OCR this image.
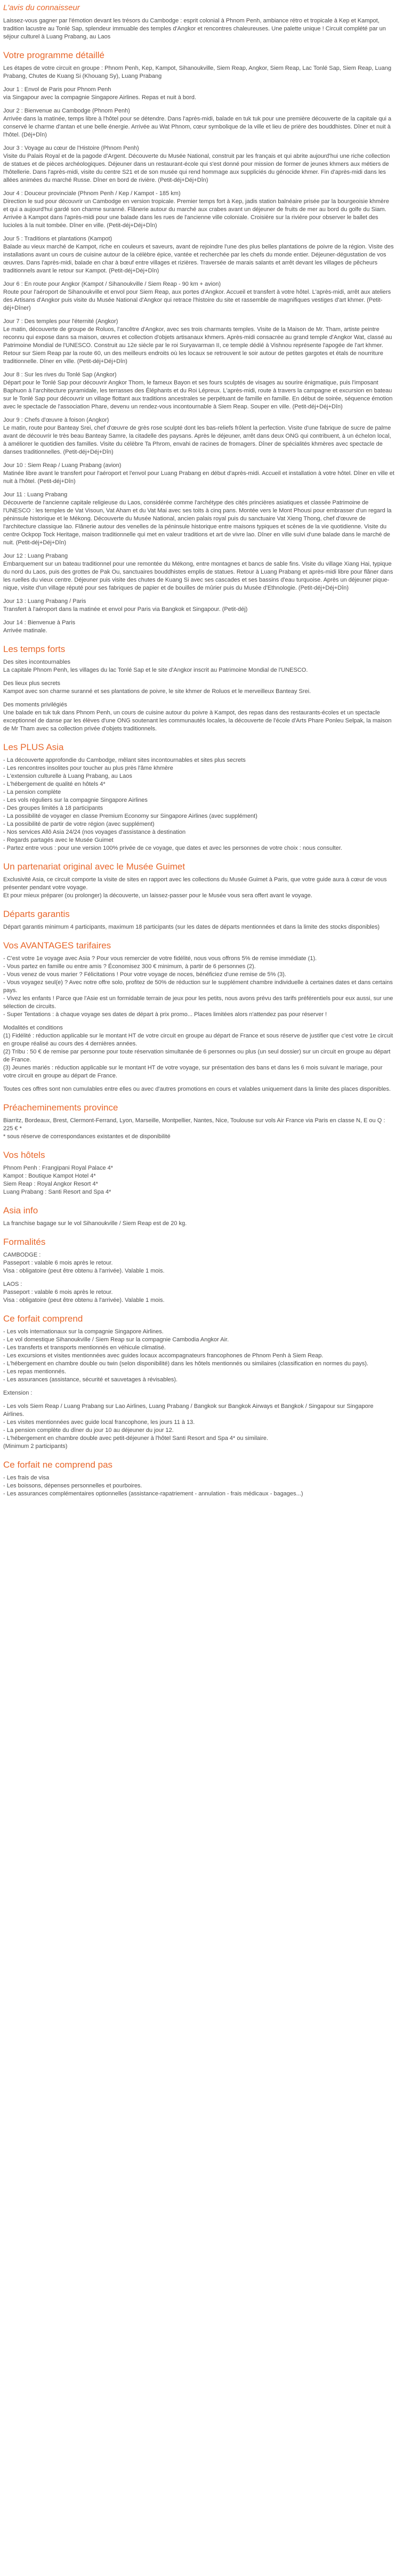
L'avis du connaisseur

Laissez-vous gagner par l'émotion devant les trésors du Cambodge : esprit colonial à Phnom Penh, ambiance rétro et tropicale à Kep et Kampot, tradition lacustre au Tonlé Sap, splendeur immuable des temples d'Angkor et rencontres chaleureuses. Une palette unique ! Circuit complété par un séjour culturel à Luang Prabang, au Laos

Votre programme détaillé

Les étapes de votre circuit en groupe : Phnom Penh, Kep, Kampot, Sihanoukville, Siem Reap, Angkor, Siem Reap, Lac Tonlé Sap, Siem Reap, Luang Prabang, Chutes de Kuang Si (Khouang Sy), Luang Prabang

Jour 1 : Envol de Paris pour Phnom Penh
via Singapour avec la compagnie Singapore Airlines. Repas et nuit à bord.
Jour 2 : Bienvenue au Cambodge (Phnom Penh)
Arrivée dans la matinée, temps libre à l'hôtel pour se détendre. Dans l'après-midi, balade en tuk tuk pour une première découverte de la capitale qui a conservé le charme d'antan et une belle énergie. Arrivée au Wat Phnom, cœur symbolique de la ville et lieu de prière des bouddhistes. Dîner et nuit à l'hôtel. (Déj+Dîn)
Jour 3 : Voyage au cœur de l'Histoire (Phnom Penh)
Visite du Palais Royal et de la pagode d'Argent. Découverte du Musée National, construit par les français et qui abrite aujourd'hui une riche collection de statues et de pièces archéologiques. Déjeuner dans un restaurant-école qui s'est donné pour mission de former de jeunes khmers aux métiers de l'hôtellerie. Dans l'après-midi, visite du centre S21 et de son musée qui rend hommage aux suppliciés du génocide khmer. Fin d'après-midi dans les allées animées du marché Russe. Dîner en bord de rivière. (Petit-déj+Déj+Dîn)
Jour 4 : Douceur provinciale (Phnom Penh / Kep / Kampot - 185 km)
Direction le sud pour découvrir un Cambodge en version tropicale. Premier temps fort à Kep, jadis station balnéaire prisée par la bourgeoisie khmère et qui a aujourd'hui gardé son charme suranné. Flânerie autour du marché aux crabes avant un déjeuner de fruits de mer au bord du golfe du Siam. Arrivée à Kampot dans l'après-midi pour une balade dans les rues de l'ancienne ville coloniale. Croisière sur la rivière pour observer le ballet des lucioles à la nuit tombée. Dîner en ville. (Petit-déj+Déj+Dîn)
Jour 5 : Traditions et plantations (Kampot)
Balade au vieux marché de Kampot, riche en couleurs et saveurs, avant de rejoindre l'une des plus belles plantations de poivre de la région. Visite des installations avant un cours de cuisine autour de la célèbre épice, vantée et recherchée par les chefs du monde entier. Déjeuner-dégustation de vos œuvres. Dans l'après-midi, balade en char à bœuf entre villages et rizières. Traversée de marais salants et arrêt devant les villages de pêcheurs traditionnels avant le retour sur Kampot. (Petit-déj+Déj+Dîn)
Jour 6 : En route pour Angkor (Kampot / Sihanoukville / Siem Reap - 90 km + avion)
Route pour l'aéroport de Sihanoukville et envol pour Siem Reap, aux portes d'Angkor. Accueil et transfert à votre hôtel. L'après-midi, arrêt aux ateliers des Artisans d'Angkor puis visite du Musée National d'Angkor qui retrace l'histoire du site et rassemble de magnifiques vestiges d'art khmer. (Petit-déj+Dîner)
Jour 7 : Des temples pour l'éternité (Angkor)
Le matin, découverte de groupe de Roluos, l'ancêtre d'Angkor, avec ses trois charmants temples. Visite de la Maison de Mr. Tham, artiste peintre reconnu qui expose dans sa maison, œuvres et collection d'objets artisanaux khmers. Après-midi consacrée au grand temple d'Angkor Wat, classé au Patrimoine Mondial de l'UNESCO. Construit au 12e siècle par le roi Suryavarman II, ce temple dédié à Vishnou représente l'apogée de l'art khmer. Retour sur Siem Reap par la route 60, un des meilleurs endroits où les locaux se retrouvent le soir autour de petites gargotes et étals de nourriture traditionnelle. Dîner en ville. (Petit-déj+Déj+Dîn)
Jour 8 : Sur les rives du Tonlé Sap (Angkor)
Départ pour le Tonlé Sap pour découvrir Angkor Thom, le fameux Bayon et ses fours sculptés de visages au sourire énigmatique, puis l'imposant Baphuon à l'architecture pyramidale, les terrasses des Éléphants et du Roi Lépreux. L'après-midi, route à travers la campagne et excursion en bateau sur le Tonlé Sap pour découvrir un village flottant aux traditions ancestrales se perpétuant de famille en famille. En début de soirée, séquence émotion avec le spectacle de l'association Phare, devenu un rendez-vous incontournable à Siem Reap. Souper en ville. (Petit-déj+Déj+Dîn)
Jour 9 : Chefs d'œuvre à foison (Angkor)
Le matin, route pour Banteay Srei, chef d'œuvre de grès rose sculpté dont les bas-reliefs frôlent la perfection. Visite d'une fabrique de sucre de palme avant de découvrir le très beau Banteay Samre, la citadelle des paysans. Après le déjeuner, arrêt dans deux ONG qui contribuent, à un échelon local, à améliorer le quotidien des familles. Visite du célèbre Ta Phrom, envahi de racines de fromagers. Dîner de spécialités khmères avec spectacle de danses traditionnelles. (Petit-déj+Déj+Dîn)
Jour 10 : Siem Reap / Luang Prabang (avion)
Matinée libre avant le transfert pour l'aéroport et l'envol pour Luang Prabang en début d'après-midi. Accueil et installation à votre hôtel. Dîner en ville et nuit à l'hôtel. (Petit-déj+Dîn)
Jour 11 : Luang Prabang
Découverte de l'ancienne capitale religieuse du Laos, considérée comme l'archétype des cités princières asiatiques et classée Patrimoine de l'UNESCO : les temples de Vat Visoun, Vat Aham et du Vat Mai avec ses toits à cinq pans. Montée vers le Mont Phousi pour embrasser d'un regard la péninsule historique et le Mékong. Découverte du Musée National, ancien palais royal puis du sanctuaire Vat Xieng Thong, chef d'œuvre de l'architecture classique lao. Flânerie autour des venelles de la péninsule historique entre maisons typiques et scènes de la vie quotidienne. Visite du centre Ockpop Tock Heritage, maison traditionnelle qui met en valeur traditions et art de vivre lao. Dîner en ville suivi d'une balade dans le marché de nuit. (Petit-déj+Déj+Dîn)
Jour 12 : Luang Prabang
Embarquement sur un bateau traditionnel pour une remontée du Mékong, entre montagnes et bancs de sable fins. Visite du village Xiang Hai, typique du nord du Laos, puis des grottes de Pak Ou, sanctuaires bouddhistes emplis de statues. Retour à Luang Prabang et après-midi libre pour flâner dans les ruelles du vieux centre. Déjeuner puis visite des chutes de Kuang Si avec ses cascades et ses bassins d'eau turquoise. Après un déjeuner pique-nique, visite d'un village réputé pour ses fabriques de papier et de bouilles de mûrier puis du Musée d'Ethnologie. (Petit-déj+Déj+Dîn)
Jour 13 : Luang Prabang / Paris
Transfert à l'aéroport dans la matinée et envol pour Paris via Bangkok et Singapour. (Petit-déj)
Jour 14 : Bienvenue à Paris
Arrivée matinale.
Les temps forts
Des sites incontournables
La capitale Phnom Penh, les villages du lac Tonlé Sap et le site d'Angkor inscrit au Patrimoine Mondial de l'UNESCO.
Des lieux plus secrets
Kampot avec son charme suranné et ses plantations de poivre, le site khmer de Roluos et le merveilleux Banteay Srei.
Des moments privilégiés
Une balade en tuk tuk dans Phnom Penh, un cours de cuisine autour du poivre à Kampot, des repas dans des restaurants-écoles et un spectacle exceptionnel de danse par les élèves d'une ONG soutenant les communautés locales, la découverte de l'école d'Arts Phare Ponleu Selpak, la maison de Mr Tham avec sa collection privée d'objets traditionnels.
Les PLUS Asia
- La découverte approfondie du Cambodge, mêlant sites incontournables et sites plus secrets
- Les rencontres insolites pour toucher au plus près l'âme khmère
- L'extension culturelle à Luang Prabang, au Laos
- L'hébergement de qualité en hôtels 4*
- La pension complète
- Les vols réguliers sur la compagnie Singapore Airlines
- Des groupes limités à 18 participants
- La possibilité de voyager en classe Premium Economy sur Singapore Airlines (avec supplément)
- La possibilité de partir de votre région (avec supplément)
- Nos services Allô Asia 24/24 (nos voyages d'assistance à destination
- Regards partagés avec le Musée Guimet
- Partez entre vous : pour une version 100% privée de ce voyage, que dates et avec les personnes de votre choix : nous consulter.
Un partenariat original avec le Musée Guimet
Exclusivité Asia, ce circuit comporte la visite de sites en rapport avec les collections du Musée Guimet à Paris, que votre guide aura à cœur de vous présenter pendant votre voyage.
Et pour mieux préparer (ou prolonger) la découverte, un laissez-passer pour le Musée vous sera offert avant le voyage.
Départs garantis

Départ garantis minimum 4 participants, maximum 18 participants (sur les dates de départs mentionnées et dans la limite des stocks disponibles)

Vos AVANTAGES tarifaires
- C'est votre 1e voyage avec Asia ? Pour vous remercier de votre fidélité, nous vous offrons 5% de remise immédiate (1).
- Vous partez en famille ou entre amis ? Économisez 300 € minimum, à partir de 6 personnes (2).
- Vous venez de vous marier ? Félicitations ! Pour votre voyage de noces, bénéficiez d'une remise de 5% (3).
- Vous voyagez seul(e) ? Avec notre offre solo, profitez de 50% de réduction sur le supplément chambre individuelle à certaines dates et dans certains pays.
- Vivez les enfants ! Parce que l'Asie est un formidable terrain de jeux pour les petits, nous avons prévu des tarifs préférentiels pour eux aussi, sur une sélection de circuits.
- Super Tentations : à chaque voyage ses dates de départ à prix promo... Places limitées alors n'attendez pas pour réserver !
Modalités et conditions
(1) Fidélité : réduction applicable sur le montant HT de votre circuit en groupe au départ de France et sous réserve de justifier que c'est votre 1e circuit en groupe réalisé au cours des 4 dernières années.
(2) Tribu : 50 € de remise par personne pour toute réservation simultanée de 6 personnes ou plus (un seul dossier) sur un circuit en groupe au départ de France.
(3) Jeunes mariés : réduction applicable sur le montant HT de votre voyage, sur présentation des bans et dans les 6 mois suivant le mariage, pour votre circuit en groupe au départ de France.

Toutes ces offres sont non cumulables entre elles ou avec d'autres promotions en cours et valables uniquement dans la limite des places disponibles.

Préacheminements province
Biarritz, Bordeaux, Brest, Clermont-Ferrand, Lyon, Marseille, Montpellier, Nantes, Nice, Toulouse sur vols Air France via Paris en classe N, E ou Q : 225 € *

* sous réserve de correspondances existantes et de disponibilité

Vos hôtels
Phnom Penh : Frangipani Royal Palace 4*
Kampot : Boutique Kampot Hotel 4*
Siem Reap : Royal Angkor Resort 4*
Luang Prabang : Santi Resort and Spa 4*
Asia info

La franchise bagage sur le vol Sihanoukville / Siem Reap est de 20 kg.

Formalités
CAMBODGE :
Passeport : valable 6 mois après le retour.
Visa : obligatoire (peut être obtenu à l'arrivée). Valable 1 mois.
LAOS :
Passeport : valable 6 mois après le retour.
Visa : obligatoire (peut être obtenu à l'arrivée). Valable 1 mois.
Ce forfait comprend
- Les vols internationaux sur la compagnie Singapore Airlines.
- Le vol domestique Sihanoukville / Siem Reap sur la compagnie Cambodia Angkor Air.
- Les transferts et transports mentionnés en véhicule climatisé.
- Les excursions et visites mentionnées avec guides locaux accompagnateurs francophones de Phnom Penh à Siem Reap.
- L'hébergement en chambre double ou twin (selon disponibilité) dans les hôtels mentionnés ou similaires (classification en normes du pays).
- Les repas mentionnés.
- Les assurances (assistance, sécurité et sauvetages à révisables).
Extension :
- Les vols Siem Reap / Luang Prabang sur Lao Airlines, Luang Prabang / Bangkok sur Bangkok Airways et Bangkok / Singapour sur Singapore Airlines.
- Les visites mentionnées avec guide local francophone, les jours 11 à 13.
- La pension complète du dîner du jour 10 au déjeuner du jour 12.
- L'hébergement en chambre double avec petit-déjeuner à l'hôtel Santi Resort and Spa 4* ou similaire.
(Minimum 2 participants)
Ce forfait ne comprend pas
- Les frais de visa
- Les boissons, dépenses personnelles et pourboires.
- Les assurances complémentaires optionnelles (assistance-rapatriement - annulation - frais médicaux - bagages...)
